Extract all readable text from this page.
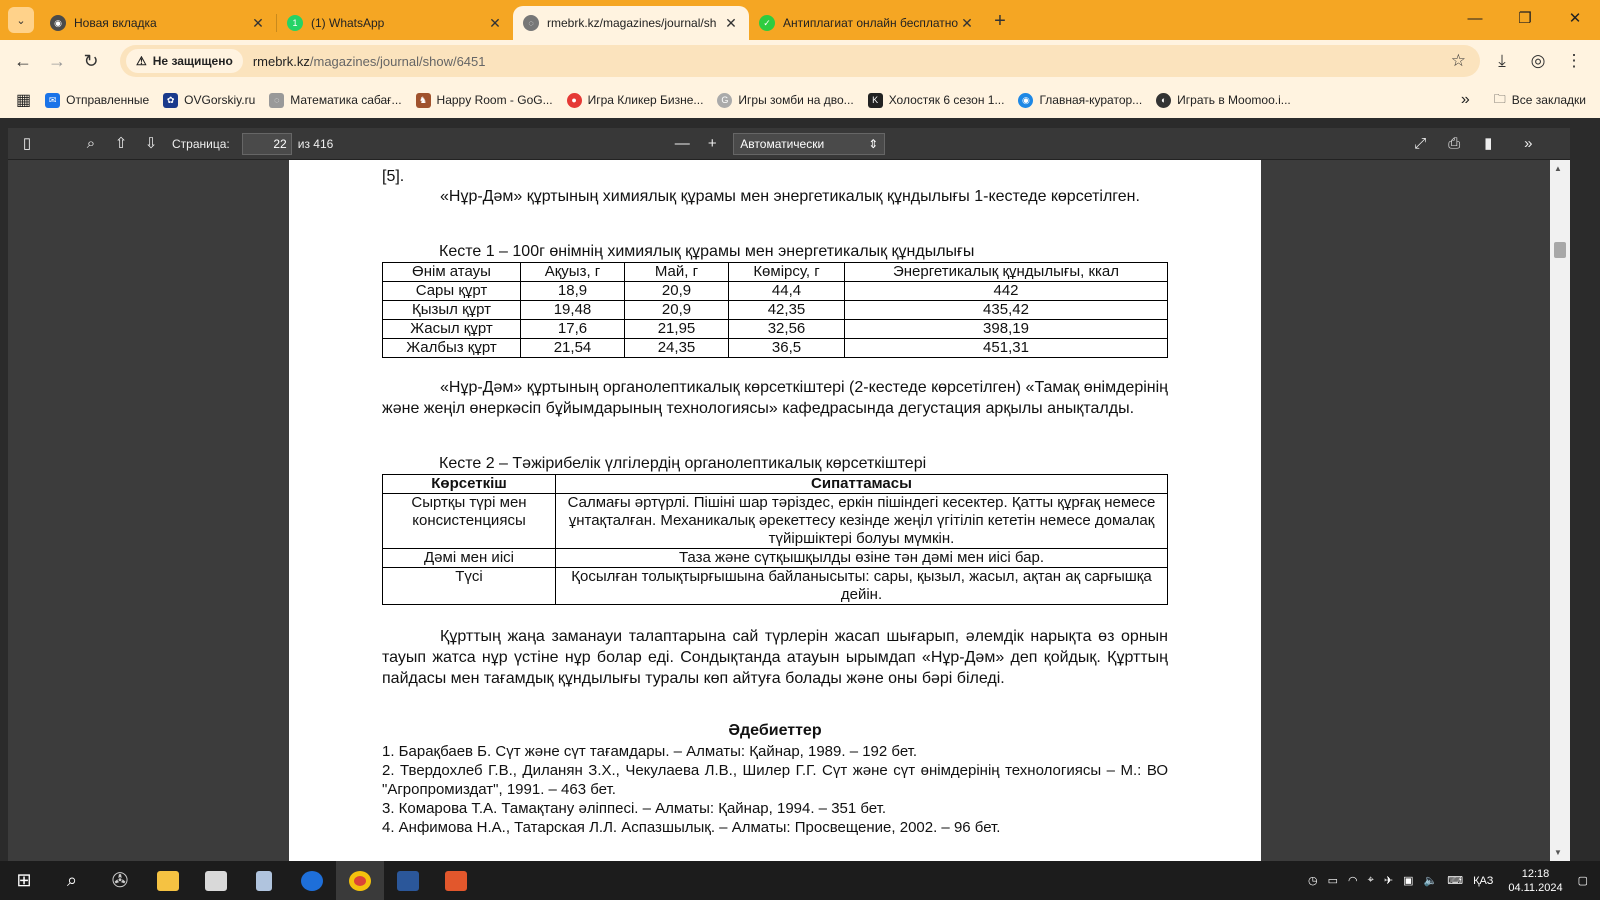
⌄	◉	Новая вкладка	✕	1	(1) WhatsApp	✕	◌	rmebrk.kz/magazines/journal/sh ✕	✓	Антиплагиат онлайн бесплатно ✕	+	—	❐	✕
← → ↻	⚠ Не защищено rmebrk.kz/magazines/journal/show/6451	☆	⤓	◎	⋮
▦	✉ Отправленные	✿ OVGorskiy.ru	◌ Математика сабағ...	♞ Happy Room - GoG...	● Игра Кликер Бизне...	G Игры зомби на дво...	K Холостяк 6 сезон 1...	◉ Главная-куратор...	◐ Играть в Moomoo.i...	» 🗀 Все закладки
▯	⌕	⇧	⇩	Страница:
22	из 416	—	+	Автоматически	⇕	⤢	⎙	▮	»
[5].
«Нұр-Дәм» құртының химиялық құрамы мен энергетикалық құндылығы 1-кестеде көрсетілген.
Кесте 1 – 100г өнімнің химиялық құрамы мен энергетикалық құндылығы
Өнім атауы	Ақуыз, г	Май, г	Көмірсу, г	Энергетикалық құндылығы, ккал
Сары құрт	18,9	20,9	44,4	442
Қызыл құрт	19,48	20,9	42,35	435,42
Жасыл құрт	17,6	21,95	32,56	398,19
Жалбыз құрт	21,54	24,35	36,5	451,31
«Нұр-Дәм» құртының органолептикалық көрсеткіштері (2-кестеде көрсетілген) «Тамақ өнімдерінің және жеңіл өнеркәсіп бұйымдарының технологиясы» кафедрасында дегустация арқылы анықталды.
Кесте 2 – Тәжірибелік үлгілердің органолептикалық көрсеткіштері
Көрсеткіш	Сипаттамасы
Сыртқы түрі мен консистенциясы	Салмағы әртүрлі. Пішіні шар тәріздес, еркін пішіндегі кесектер. Қатты құрғақ немесе ұнтақталған. Механикалық әрекеттесу кезінде жеңіл үгітіліп кететін немесе домалақ түйіршіктері болуы мүмкін.
Дәмі мен иісі	Таза және сүтқышқылды өзіне тән дәмі мен иісі бар.
Түсі	Қосылған толықтырғышына байланысыты: сары, қызыл, жасыл, ақтан ақ сарғышқа дейін.
Құрттың жаңа заманауи талаптарына сай түрлерін жасап шығарып, әлемдік нарықта өз орнын тауып жатса нұр үстіне нұр болар еді. Сондықтанда атауын ырымдап «Нұр-Дәм» деп қойдық. Құрттың пайдасы мен тағамдық құндылығы туралы көп айтуға болады және оны бәрі біледі.
Әдебиеттер
1. Барақбаев Б. Сүт және сүт тағамдары. – Алматы: Қайнар, 1989. – 192 бет.
2. Твердохлеб Г.В., Диланян З.Х., Чекулаева Л.В., Шилер Г.Г. Сүт және сүт өнімдерінің технологиясы – М.: ВО "Агропромиздат", 1991. – 463 бет.
3. Комарова Т.А. Тамақтану әліппесі. – Алматы: Қайнар, 1994. – 351 бет.
4. Анфимова Н.А., Татарская Л.Л. Аспазшылық. – Алматы: Просвещение, 2002. – 96 бет.
▲
▼
⊞ ⌕ ✇	◷ ▭ ◠ ⌖ ✈ ▣ 🔈 ⌨ ҚАЗ
12:18
04.11.2024
▢
